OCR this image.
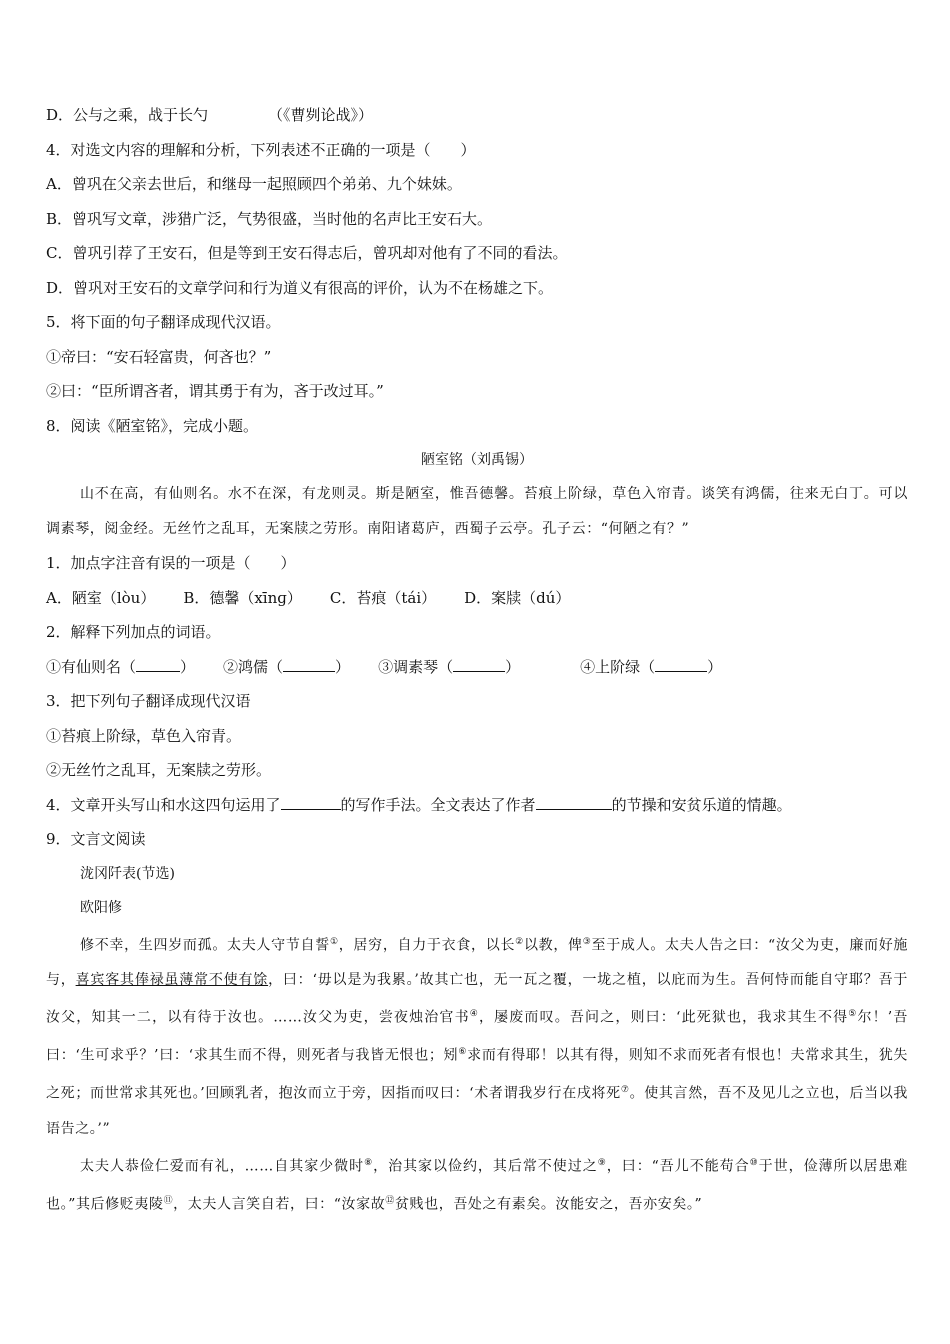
D．公与之乘，战于长勺	（《曹刿论战》）

4．对选文内容的理解和分析，下列表述不正确的一项是（　　）

A．曾巩在父亲去世后，和继母一起照顾四个弟弟、九个妹妹。

B．曾巩写文章，涉猎广泛，气势很盛，当时他的名声比王安石大。

C．曾巩引荐了王安石，但是等到王安石得志后，曾巩却对他有了不同的看法。

D．曾巩对王安石的文章学问和行为道义有很高的评价，认为不在杨雄之下。

5．将下面的句子翻译成现代汉语。

①帝曰：“安石轻富贵，何吝也？”

②曰：“臣所谓吝者，谓其勇于有为，吝于改过耳。”

8．阅读《陋室铭》，完成小题。

陋室铭（刘禹锡）

山不在高，有仙则名。水不在深，有龙则灵。斯是陋室，惟吾德馨。苔痕上阶绿，草色入帘青。谈笑有鸿儒，往来无白丁。可以调素琴，阅金经。无丝竹之乱耳，无案牍之劳形。南阳诸葛庐，西蜀子云亭。孔子云：“何陋之有？”

1．加点字注音有误的一项是（　　）

A．陋室（lòu） B．德馨（xīnɡ） C．苔痕（tái） D．案牍（dú）

2．解释下列加点的词语。

①有仙则名（	） ②鸿儒（	） ③调素琴（	）	④上阶绿（	）

3．把下列句子翻译成现代汉语

①苔痕上阶绿，草色入帘青。

②无丝竹之乱耳，无案牍之劳形。

4．文章开头写山和水这四句运用了	的写作手法。全文表达了作者	的节操和安贫乐道的情趣。

9．文言文阅读

泷冈阡表(节选)

欧阳修

修不幸，生四岁而孤。太夫人守节自誓①，居穷，自力于衣食，以长②以教，俾③至于成人。太夫人告之曰：“汝父为吏，廉而好施与，喜宾客其俸禄虽薄常不使有馀，曰：‘毋以是为我累。’故其亡也，无一瓦之覆，一垅之植，以庇而为生。吾何恃而能自守耶？吾于汝父，知其一二，以有待于汝也。……汝父为吏，尝夜烛治官书④，屡废而叹。吾问之，则曰：‘此死狱也，我求其生不得⑤尔！’吾曰：‘生可求乎？’曰：‘求其生而不得，则死者与我皆无恨也；矧⑥求而有得耶！以其有得，则知不求而死者有恨也！夫常求其生，犹失之死；而世常求其死也。’回顾乳者，抱汝而立于旁，因指而叹曰：‘术者谓我岁行在戌将死⑦。使其言然，吾不及见儿之立也，后当以我语告之。’”

太夫人恭俭仁爱而有礼，……自其家少微时⑧，治其家以俭约，其后常不使过之⑨，曰：“吾儿不能苟合⑩于世，俭薄所以居患难也。”其后修贬夷陵⑪，太夫人言笑自若，曰：“汝家故⑫贫贱也，吾处之有素矣。汝能安之，吾亦安矣。”
